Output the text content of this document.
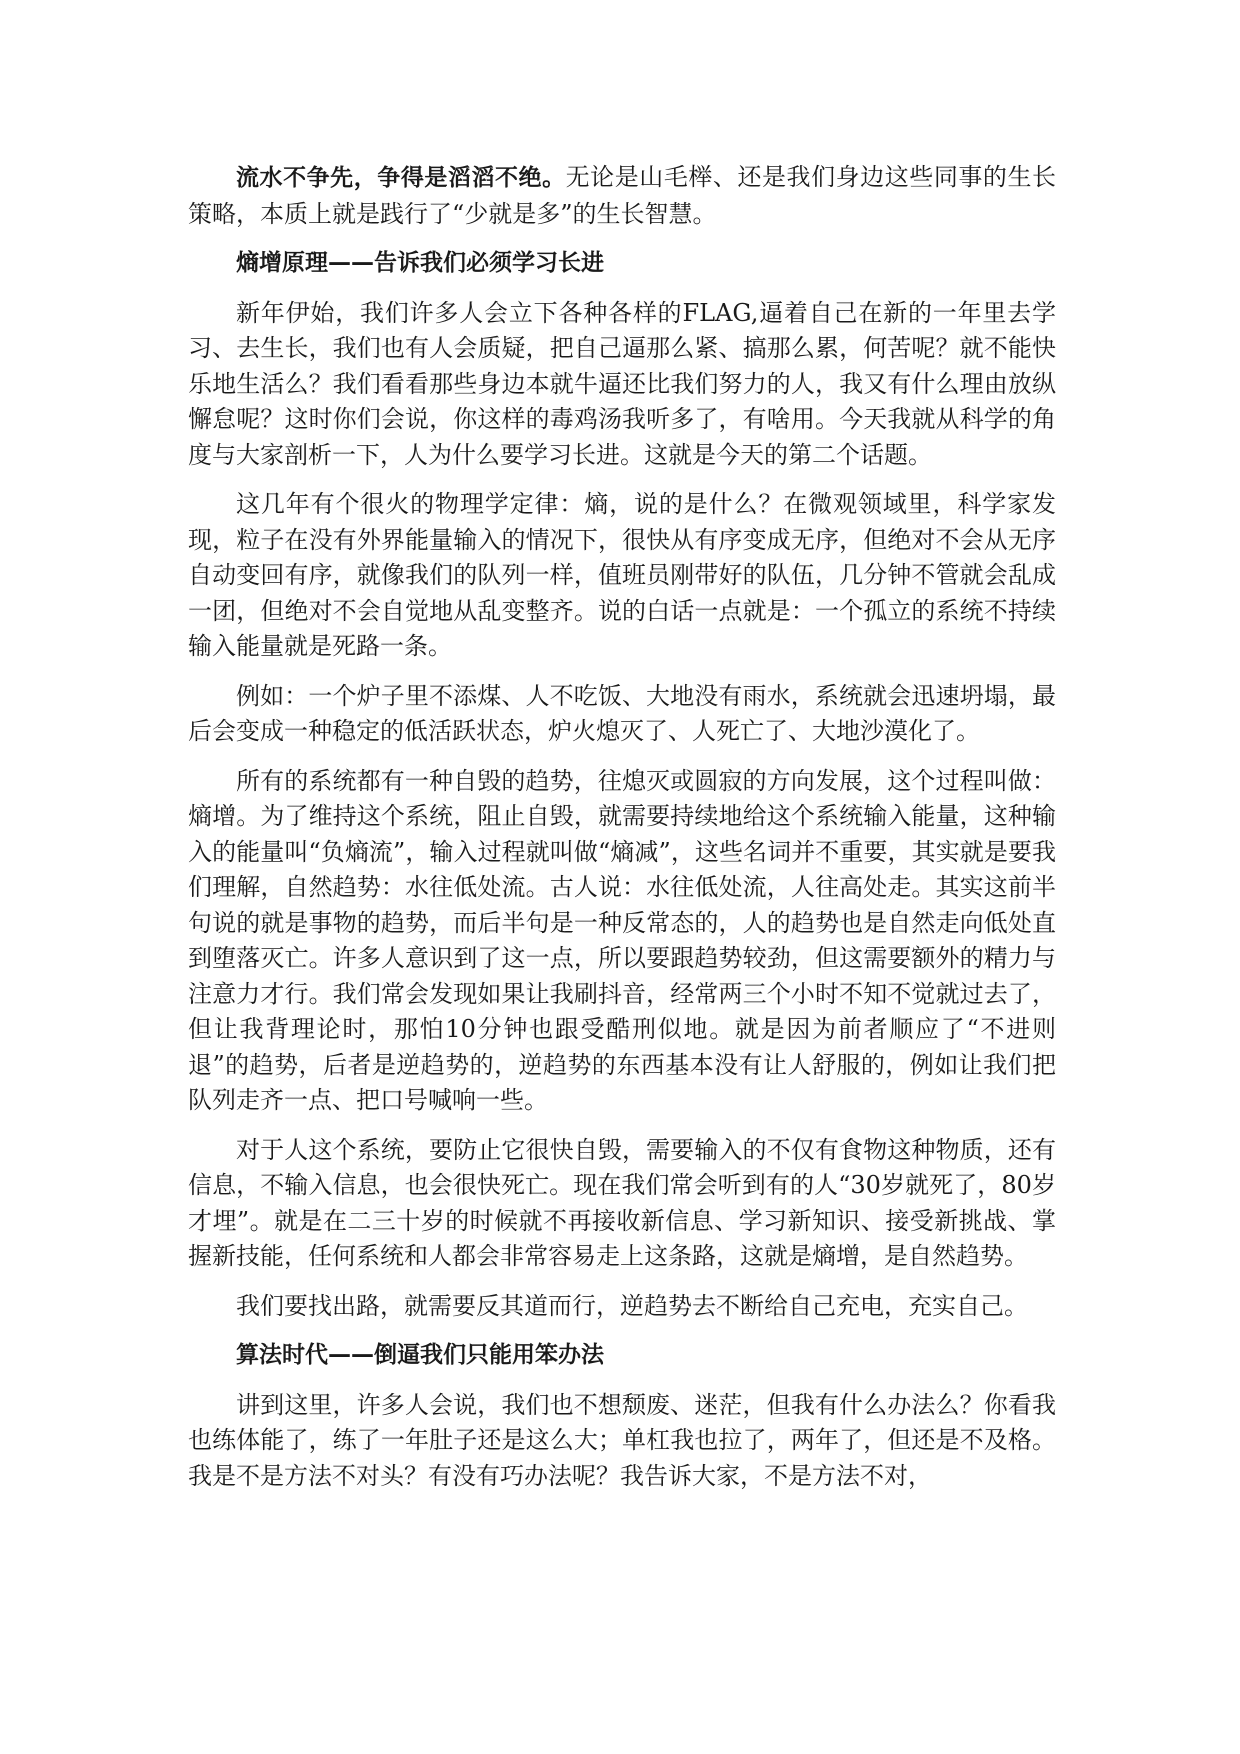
流水不争先，争得是滔滔不绝。无论是山毛榉、还是我们身边这些同事的生长策略，本质上就是践行了“少就是多”的生长智慧。

熵增原理——告诉我们必须学习长进

新年伊始，我们许多人会立下各种各样的FLAG,逼着自己在新的一年里去学习、去生长，我们也有人会质疑，把自己逼那么紧、搞那么累，何苦呢？就不能快乐地生活么？我们看看那些身边本就牛逼还比我们努力的人，我又有什么理由放纵懈怠呢？这时你们会说，你这样的毒鸡汤我听多了，有啥用。今天我就从科学的角度与大家剖析一下，人为什么要学习长进。这就是今天的第二个话题。

这几年有个很火的物理学定律：熵，说的是什么？在微观领域里，科学家发现，粒子在没有外界能量输入的情况下，很快从有序变成无序，但绝对不会从无序自动变回有序，就像我们的队列一样，值班员刚带好的队伍，几分钟不管就会乱成一团，但绝对不会自觉地从乱变整齐。说的白话一点就是：一个孤立的系统不持续输入能量就是死路一条。

例如：一个炉子里不添煤、人不吃饭、大地没有雨水，系统就会迅速坍塌，最后会变成一种稳定的低活跃状态，炉火熄灭了、人死亡了、大地沙漠化了。

所有的系统都有一种自毁的趋势，往熄灭或圆寂的方向发展，这个过程叫做：熵增。为了维持这个系统，阻止自毁，就需要持续地给这个系统输入能量，这种输入的能量叫“负熵流”，输入过程就叫做“熵减”，这些名词并不重要，其实就是要我们理解，自然趋势：水往低处流。古人说：水往低处流，人往高处走。其实这前半句说的就是事物的趋势，而后半句是一种反常态的，人的趋势也是自然走向低处直到堕落灭亡。许多人意识到了这一点，所以要跟趋势较劲，但这需要额外的精力与注意力才行。我们常会发现如果让我刷抖音，经常两三个小时不知不觉就过去了，但让我背理论时，那怕10分钟也跟受酷刑似地。就是因为前者顺应了“不进则退”的趋势，后者是逆趋势的，逆趋势的东西基本没有让人舒服的，例如让我们把队列走齐一点、把口号喊响一些。

对于人这个系统，要防止它很快自毁，需要输入的不仅有食物这种物质，还有信息，不输入信息，也会很快死亡。现在我们常会听到有的人“30岁就死了，80岁才埋”。就是在二三十岁的时候就不再接收新信息、学习新知识、接受新挑战、掌握新技能，任何系统和人都会非常容易走上这条路，这就是熵增，是自然趋势。

我们要找出路，就需要反其道而行，逆趋势去不断给自己充电，充实自己。

算法时代——倒逼我们只能用笨办法

讲到这里，许多人会说，我们也不想颓废、迷茫，但我有什么办法么？你看我也练体能了，练了一年肚子还是这么大；单杠我也拉了，两年了，但还是不及格。我是不是方法不对头？有没有巧办法呢？我告诉大家，不是方法不对，
